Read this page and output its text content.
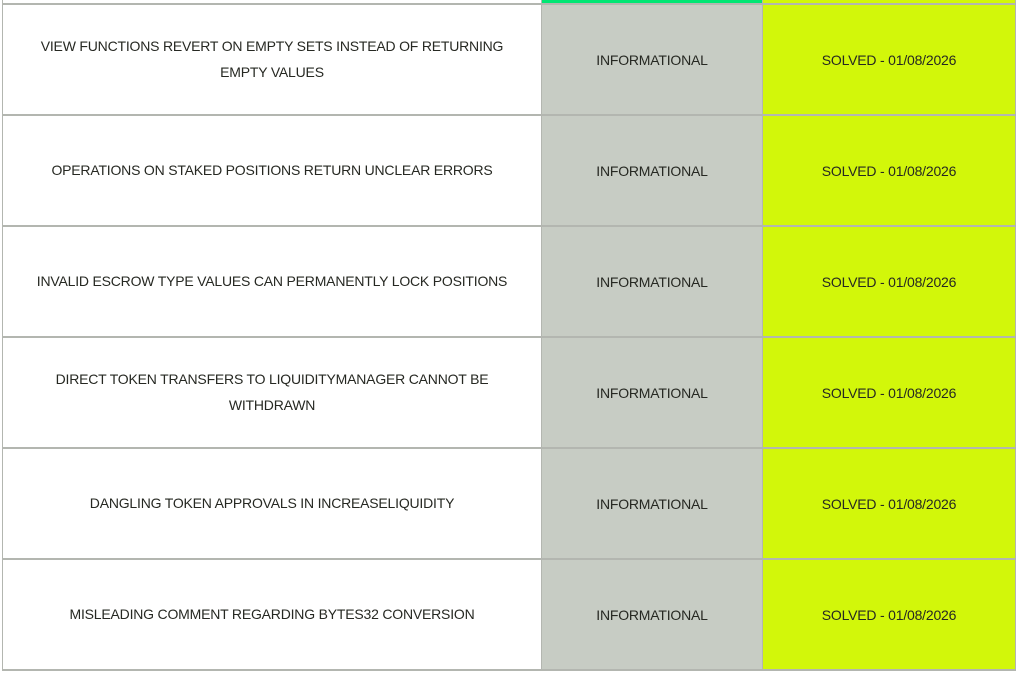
VIEW FUNCTIONS REVERT ON EMPTY SETS INSTEAD OF RETURNING EMPTY VALUES	INFORMATIONAL	SOLVED - 01/08/2026
OPERATIONS ON STAKED POSITIONS RETURN UNCLEAR ERRORS	INFORMATIONAL	SOLVED - 01/08/2026
INVALID ESCROW TYPE VALUES CAN PERMANENTLY LOCK POSITIONS	INFORMATIONAL	SOLVED - 01/08/2026
DIRECT TOKEN TRANSFERS TO LIQUIDITYMANAGER CANNOT BE WITHDRAWN	INFORMATIONAL	SOLVED - 01/08/2026
DANGLING TOKEN APPROVALS IN INCREASELIQUIDITY	INFORMATIONAL	SOLVED - 01/08/2026
MISLEADING COMMENT REGARDING BYTES32 CONVERSION	INFORMATIONAL	SOLVED - 01/08/2026
